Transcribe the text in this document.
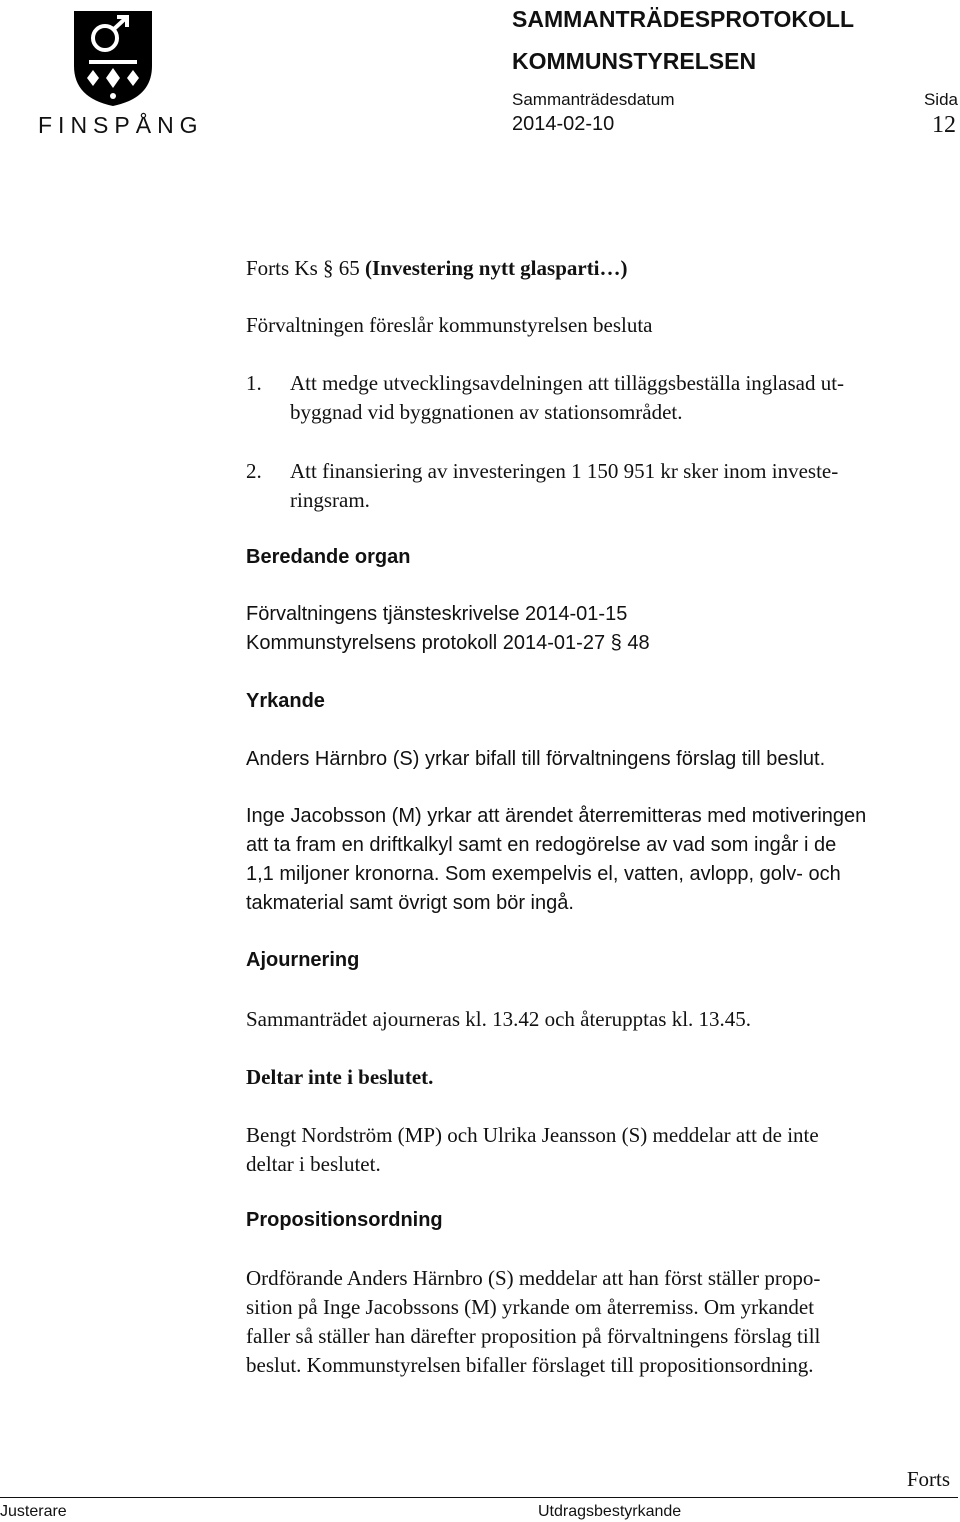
FINSPÅNG
SAMMANTRÄDESPROTOKOLL
KOMMUNSTYRELSEN
Sammanträdesdatum	Sida
2014-02-10	12
Forts Ks § 65 (Investering nytt glasparti…)
Förvaltningen föreslår kommunstyrelsen besluta
1. Att medge utvecklingsavdelningen att tilläggsbeställa inglasad ut-
byggnad vid byggnationen av stationsområdet.
2. Att finansiering av investeringen 1 150 951 kr sker inom investe-
ringsram.
Beredande organ
Förvaltningens tjänsteskrivelse 2014-01-15
Kommunstyrelsens protokoll 2014-01-27 § 48
Yrkande
Anders Härnbro (S) yrkar bifall till förvaltningens förslag till beslut.
Inge Jacobsson (M) yrkar att ärendet återremitteras med motiveringen
att ta fram en driftkalkyl samt en redogörelse av vad som ingår i de
1,1 miljoner kronorna. Som exempelvis el, vatten, avlopp, golv- och
takmaterial samt övrigt som bör ingå.
Ajournering
Sammanträdet ajourneras kl. 13.42 och återupptas kl. 13.45.
Deltar inte i beslutet.
Bengt Nordström (MP) och Ulrika Jeansson (S) meddelar att de inte
deltar i beslutet.
Propositionsordning
Ordförande Anders Härnbro (S) meddelar att han först ställer propo-
sition på Inge Jacobssons (M) yrkande om återremiss. Om yrkandet
faller så ställer han därefter proposition på förvaltningens förslag till
beslut. Kommunstyrelsen bifaller förslaget till propositionsordning.
Forts
Justerare	Utdragsbestyrkande
